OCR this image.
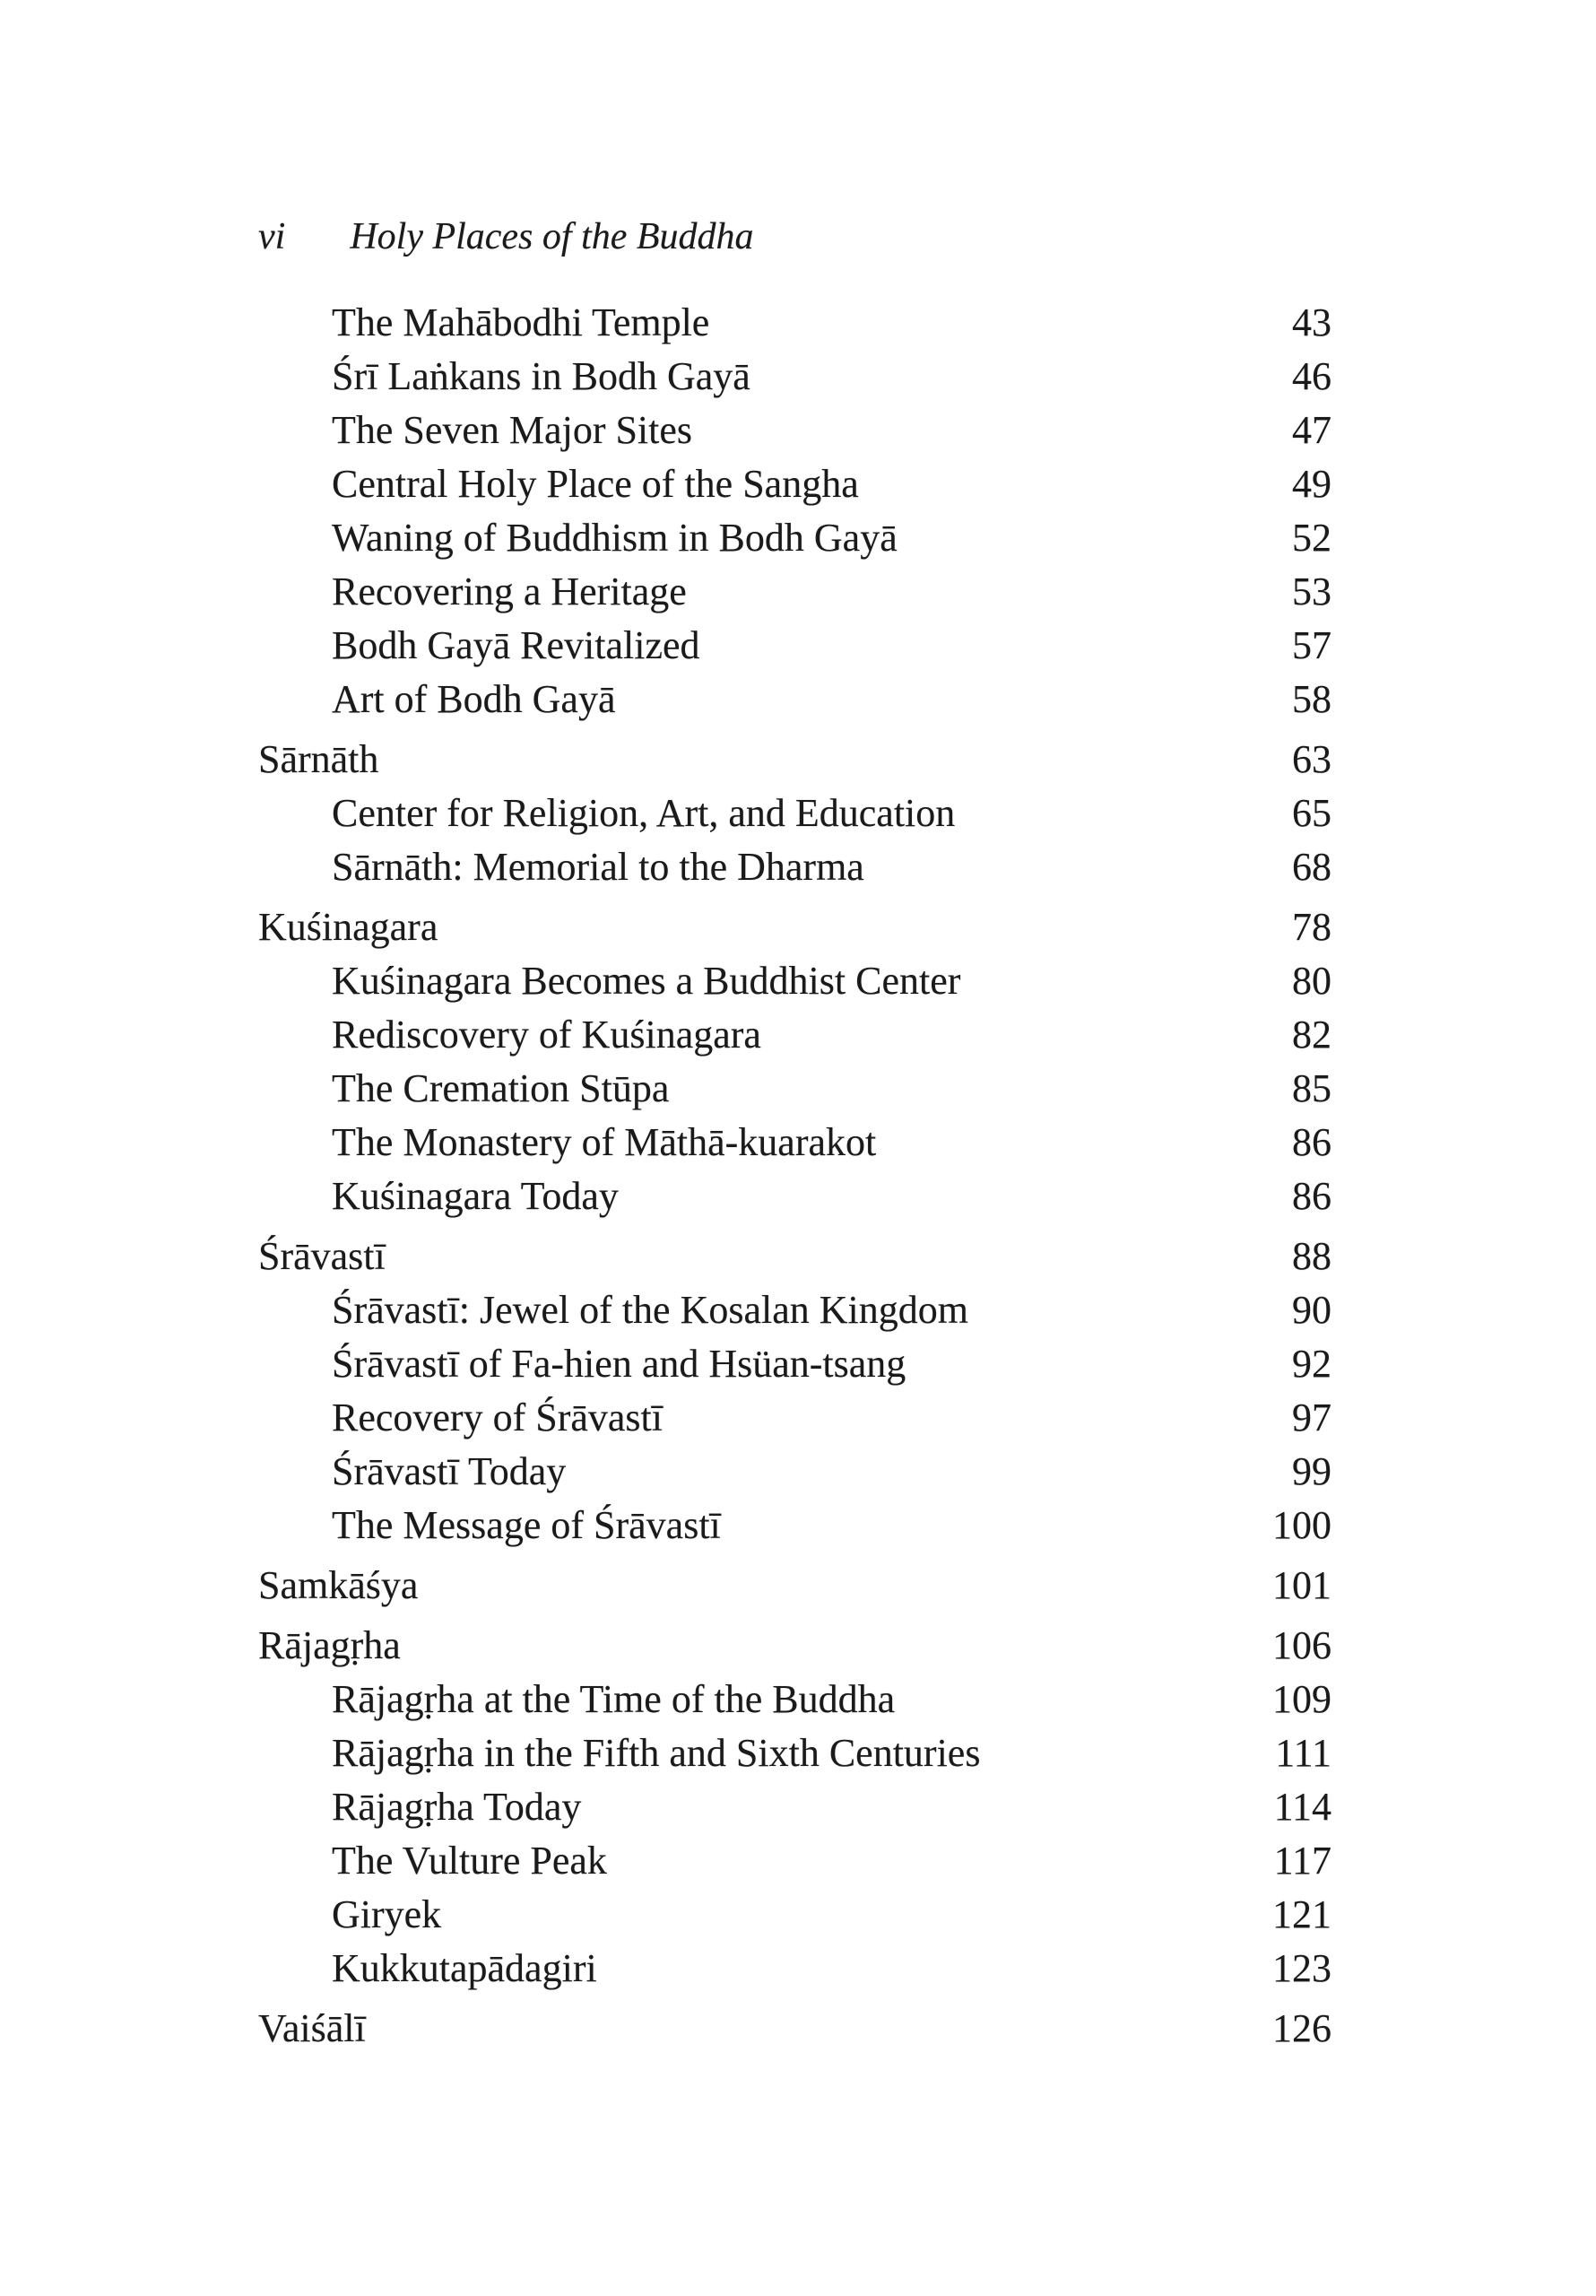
vi Holy Places of the Buddha
The Mahābodhi Temple	43
Śrī Laṅkans in Bodh Gayā	46
The Seven Major Sites	47
Central Holy Place of the Sangha	49
Waning of Buddhism in Bodh Gayā	52
Recovering a Heritage	53
Bodh Gayā Revitalized	57
Art of Bodh Gayā	58
Sārnāth	63
Center for Religion, Art, and Education	65
Sārnāth: Memorial to the Dharma	68
Kuśinagara	78
Kuśinagara Becomes a Buddhist Center	80
Rediscovery of Kuśinagara	82
The Cremation Stūpa	85
The Monastery of Māthā-kuarakot	86
Kuśinagara Today	86
Śrāvastī	88
Śrāvastī: Jewel of the Kosalan Kingdom	90
Śrāvastī of Fa-hien and Hsüan-tsang	92
Recovery of Śrāvastī	97
Śrāvastī Today	99
The Message of Śrāvastī	100
Samkāśya	101
Rājagṛha	106
Rājagṛha at the Time of the Buddha	109
Rājagṛha in the Fifth and Sixth Centuries	111
Rājagṛha Today	114
The Vulture Peak	117
Giryek	121
Kukkutapādagiri	123
Vaiśālī	126
